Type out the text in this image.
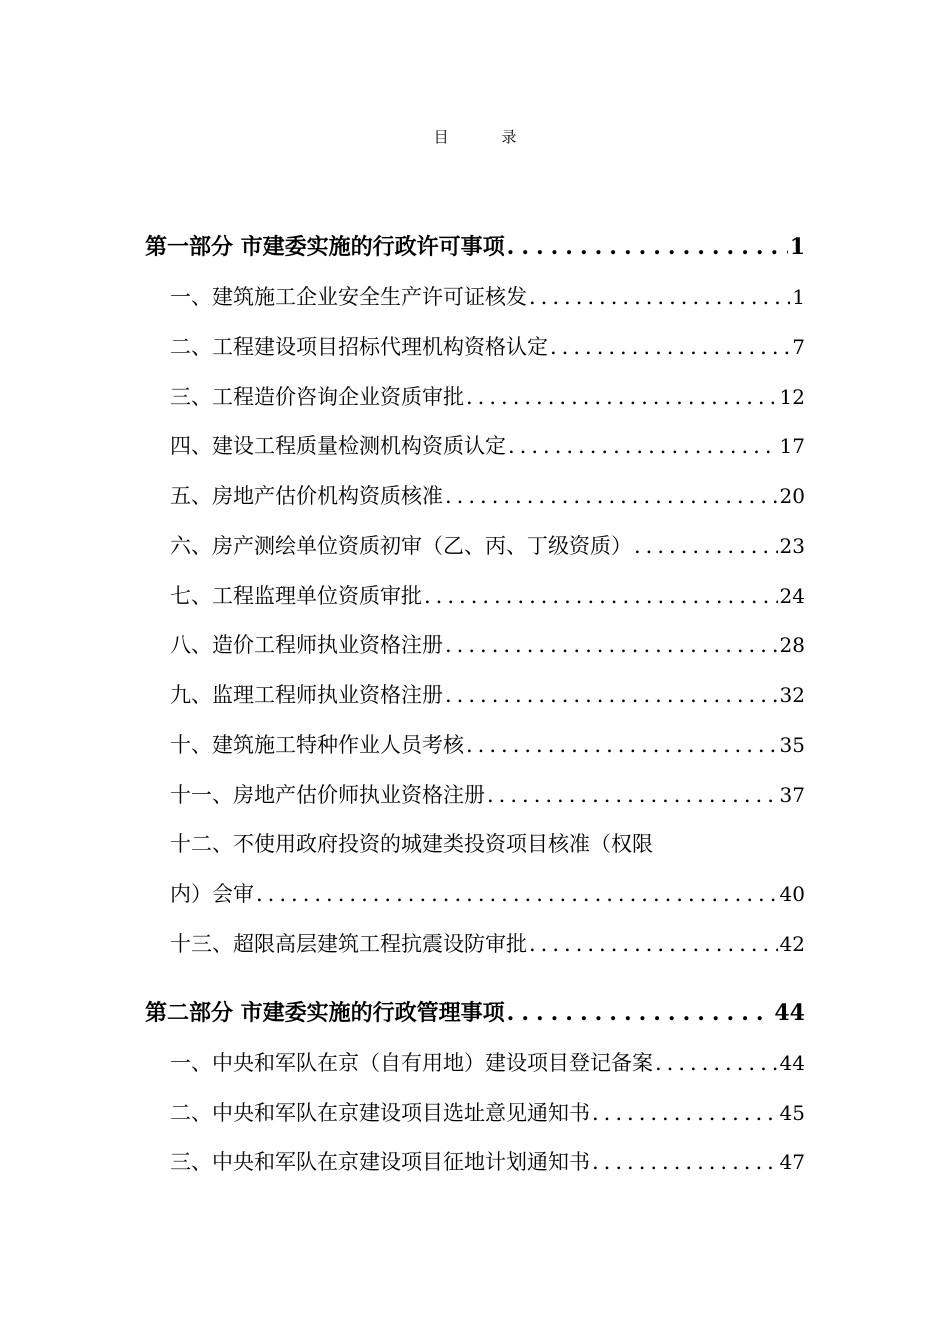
目 录
第一部分 市建委实施的行政许可事项 .....	1
一、建筑施工企业安全生产许可证核发 .....	1
二、工程建设项目招标代理机构资格认定 .....	7
三、工程造价咨询企业资质审批 .....	12
四、建设工程质量检测机构资质认定 .....	17
五、房地产估价机构资质核准 .....	20
六、房产测绘单位资质初审（乙、丙、丁级资质） .....	23
七、工程监理单位资质审批 .....	24
八、造价工程师执业资格注册 .....	28
九、监理工程师执业资格注册 .....	32
十、建筑施工特种作业人员考核 .....	35
十一、房地产估价师执业资格注册 .....	37
十二、不使用政府投资的城建类投资项目核准（权限
内）会审 .....	40
十三、超限高层建筑工程抗震设防审批 .....	42
第二部分 市建委实施的行政管理事项 .....	44
一、中央和军队在京（自有用地）建设项目登记备案 .....	44
二、中央和军队在京建设项目选址意见通知书 .....	45
三、中央和军队在京建设项目征地计划通知书 .....	47
